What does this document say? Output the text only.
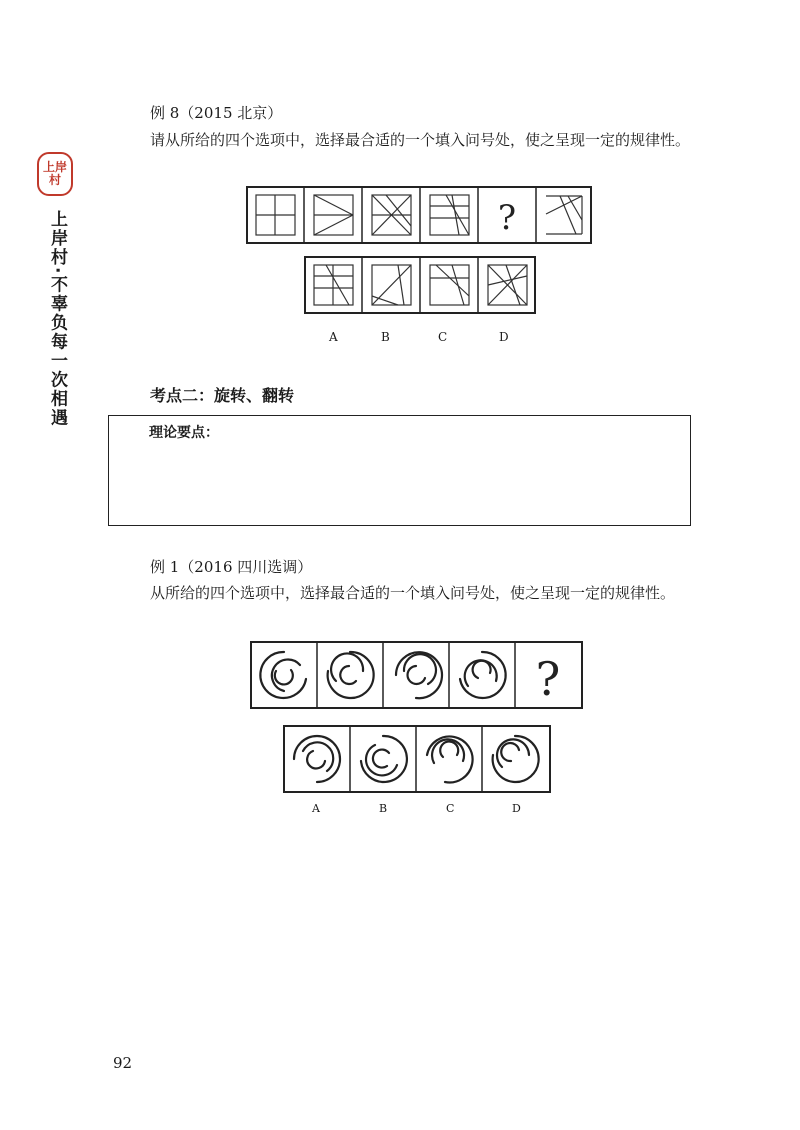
上岸村
上岸村·不辜负每一次相遇
例 8（2015 北京）
请从所给的四个选项中，选择最合适的一个填入问号处，使之呈现一定的规律性。
?
A	B	C	D
考点二：旋转、翻转
理论要点：
例 1（2016 四川选调）
从所给的四个选项中，选择最合适的一个填入问号处，使之呈现一定的规律性。
?
A	B	C	D
92
